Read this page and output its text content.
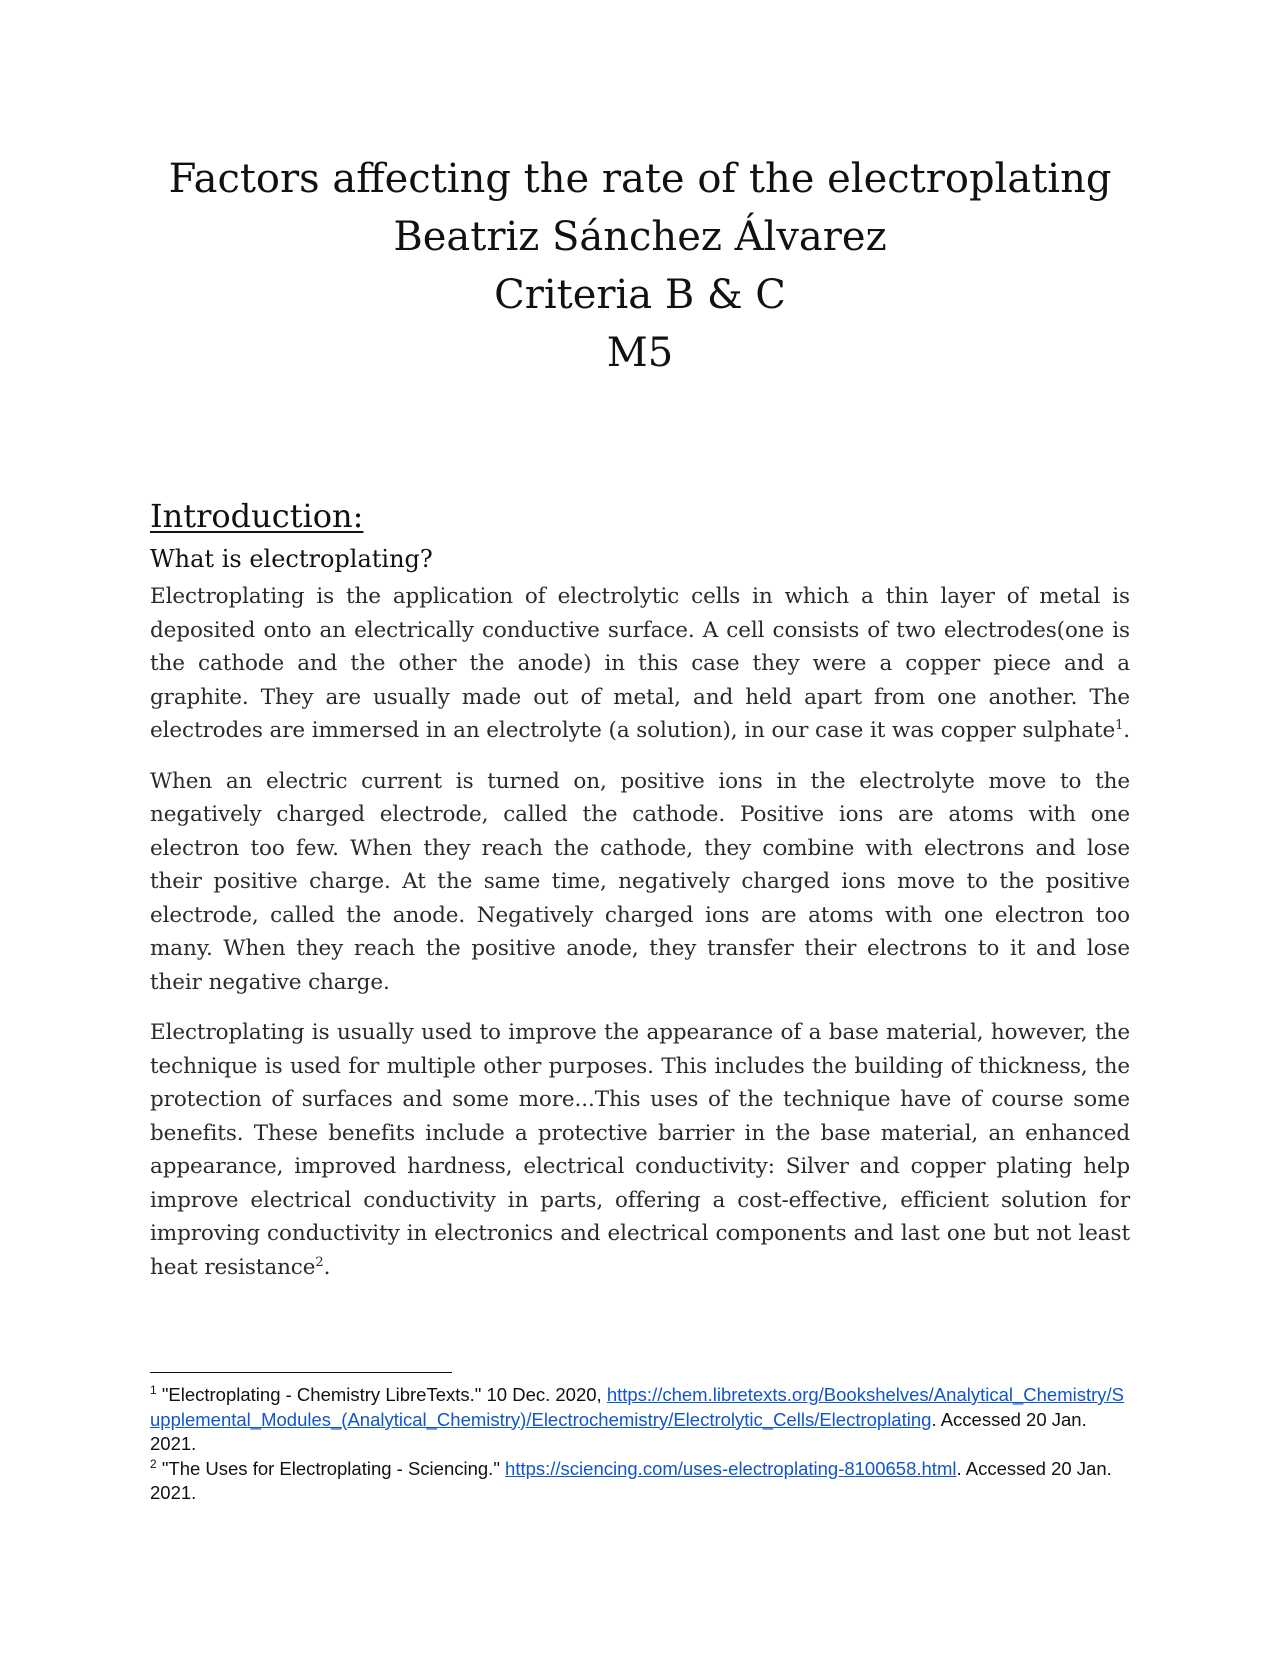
Factors affecting the rate of the electroplating
Beatriz Sánchez Álvarez
Criteria B & C
M5
Introduction:
What is electroplating?

Electroplating is the application of electrolytic cells in which a thin layer of metal is deposited onto an electrically conductive surface. A cell consists of two electrodes(one is the cathode and the other the anode) in this case they were a copper piece and a graphite. They are usually made out of metal, and held apart from one another. The electrodes are immersed in an electrolyte (a solution), in our case it was copper sulphate$^1$.

When an electric current is turned on, positive ions in the electrolyte move to the negatively charged electrode, called the cathode. Positive ions are atoms with one electron too few. When they reach the cathode, they combine with electrons and lose their positive charge. At the same time, negatively charged ions move to the positive electrode, called the anode. Negatively charged ions are atoms with one electron too many. When they reach the positive anode, they transfer their electrons to it and lose their negative charge.

Electroplating is usually used to improve the appearance of a base material, however, the technique is used for multiple other purposes. This includes the building of thickness, the protection of surfaces and some more...This uses of the technique have of course some benefits. These benefits include a protective barrier in the base material, an enhanced appearance, improved hardness, electrical conductivity: Silver and copper plating help improve electrical conductivity in parts, offering a cost-effective, efficient solution for improving conductivity in electronics and electrical components and last one but not least heat resistance$^2$.

$^1$ "Electroplating - Chemistry LibreTexts." 10 Dec. 2020, https://chem.libretexts.org/Bookshelves/Analytical_Chemistry/Supplemental_Modules_(Analytical_Chemistry)/Electrochemistry/Electrolytic_Cells/Electroplating. Accessed 20 Jan. 2021.

$^2$ "The Uses for Electroplating - Sciencing." https://sciencing.com/uses-electroplating-8100658.html. Accessed 20 Jan. 2021.
